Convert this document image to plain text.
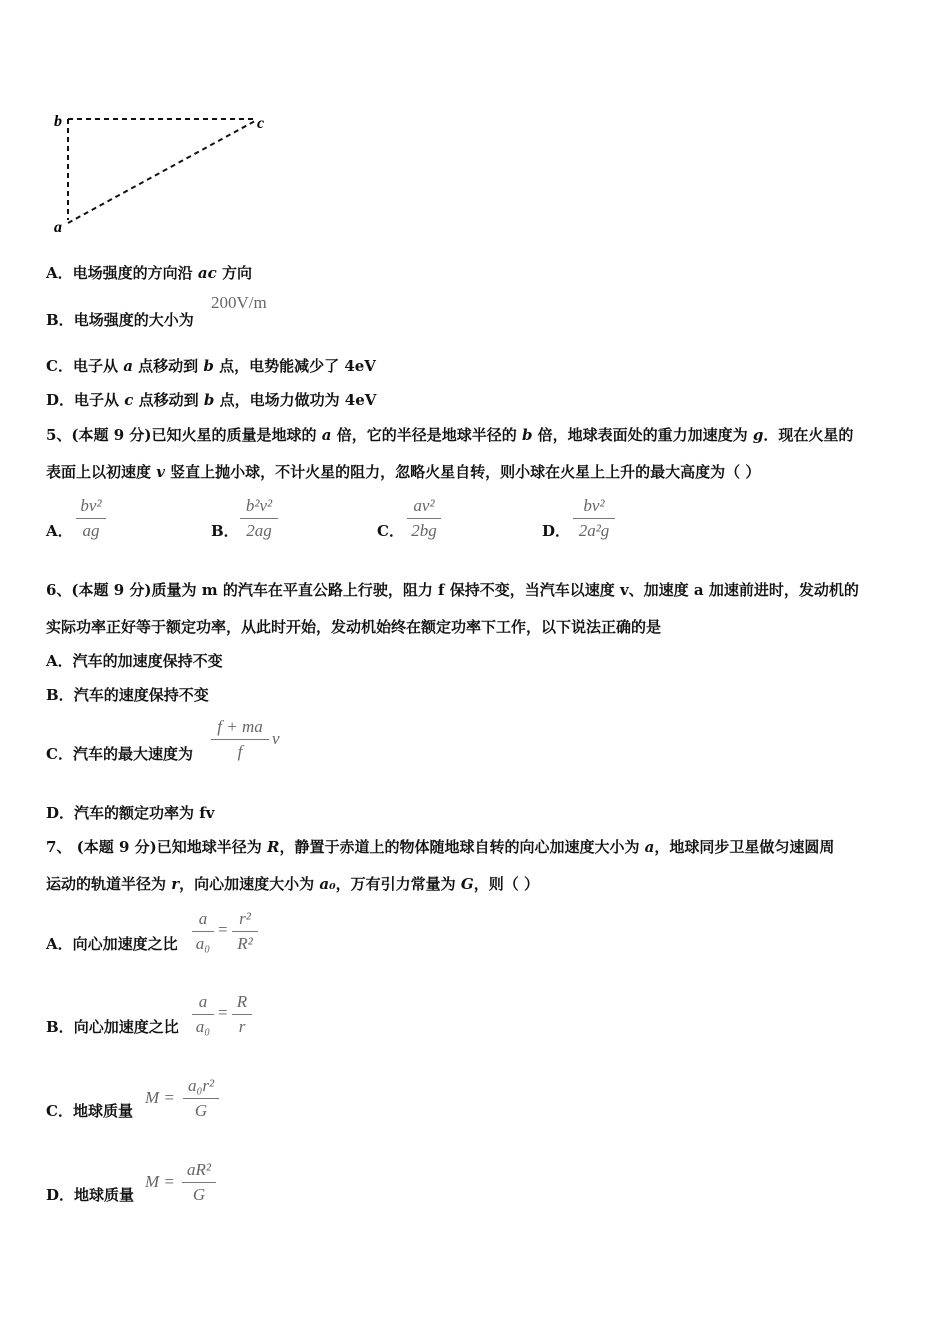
b	c
a
A．电场强度的方向沿 ac 方向
B．电场强度的大小为
200V/m
C．电子从 a 点移动到 b 点，电势能减少了 4eV
D．电子从 c 点移动到 b 点，电场力做功为 4eV
5、(本题 9 分)已知火星的质量是地球的 a 倍，它的半径是地球半径的 b 倍，地球表面处的重力加速度为 g．现在火星的
表面上以初速度 v 竖直上抛小球，不计火星的阻力，忽略火星自转，则小球在火星上上升的最大高度为（ ）
A．
bv²
ag	B．
b²v²
2ag	C．
av²
2bg	D．
bv²
2a²g
6、(本题 9 分)质量为 m 的汽车在平直公路上行驶，阻力 f 保持不变，当汽车以速度 v、加速度 a 加速前进时，发动机的
实际功率正好等于额定功率，从此时开始，发动机始终在额定功率下工作，以下说法正确的是
A．汽车的加速度保持不变
B．汽车的速度保持不变
C．汽车的最大速度为
f + ma
f
v
D．汽车的额定功率为 fv
7、 (本题 9 分)已知地球半径为 R，静置于赤道上的物体随地球自转的向心加速度大小为 a，地球同步卫星做匀速圆周
运动的轨道半径为 r，向心加速度大小为 a₀，万有引力常量为 G，则（ ）
A．向心加速度之比
a
a₀
=
r²
R²
B．向心加速度之比
a
a₀
=
R
r
C．地球质量
M =
a₀r²
G
D．地球质量
M =
aR²
G
